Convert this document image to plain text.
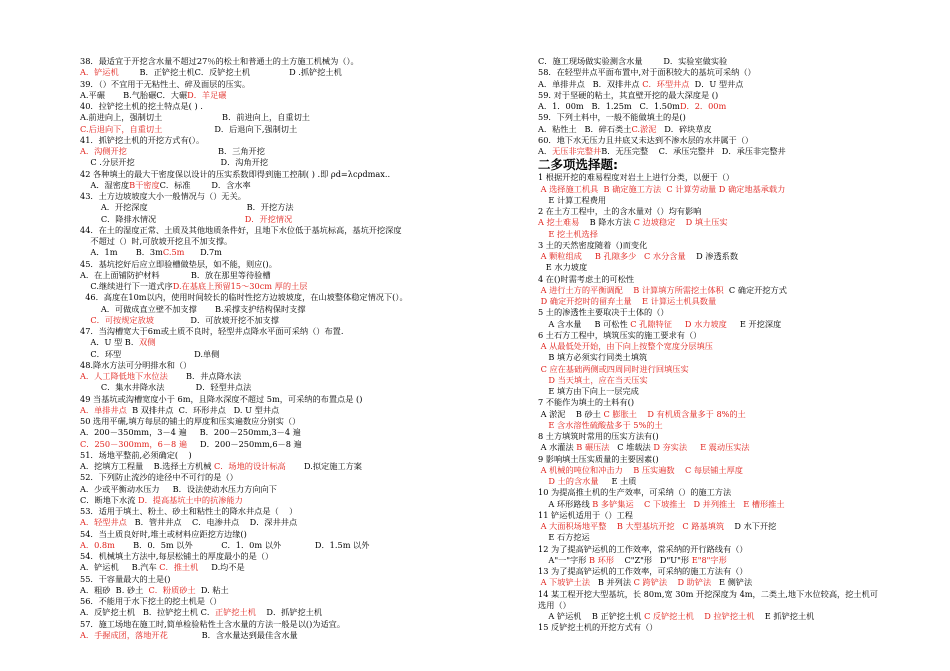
38．最适宜于开挖含水量不超过27％的松土和普通土的土方施工机械为（）。
A．铲运机        B．正铲挖土机C．反铲挖土机               D .抓铲挖土机
39．（）不宜用于无粘性土、碎及面层的压实。
A.平碾       B.气胎碾C．大碾D．羊足碾
40．拉铲挖土机的挖土特点是( ) .
A.前进向上，强制切土                       B．前进向上，自重切土
C.后退向下，自重切土                    D．后退向下,强制切土
41．抓铲挖土机的开挖方式有(）。
A．沟侧开挖                                   B．三角开挖
C .分层开挖                                 D．沟角开挖
42 各种填土的最大干密度保以设计的压实系数即得到施工控制( ) .即 ρd=λcρdmax..
A．湿密度B干密度C．标准        D．含水率
43．土方边坡坡度大小一般情况与（）无关。
A．开挖深度                                      B．开挖方法
C．降排水情况                                  D．开挖情况
44．在土的湿度正常、土质及其他地质条件好，且地下水位低于基坑标高，基坑开挖深度
不超过（）时,可放坡开挖且不加支撑。
A．1m       B．3mC.5m      D.7m
45．基坑挖好后应立即验槽做垫层，如不能，则应()。
A．在上面铺防护材料            B．放在那里等待验槽
C.继续进行下一道式序D.在基底上预留15～30cm 厚的土层
46．高度在10m以内，使用时间较长的临时性挖方边坡坡度，在山坡整体稳定情况下(）。
A．可做成直立壁不加支撑       B.采撑支护结构保时支撑
C．可按规定放坡              D．可放坡开挖不加支撑
47．当沟槽宽大于6m或土质不良时，轻型井点降水平面可采纳（）布置.
A．U 型 B．双侧
C．环型                            D.单侧
48.降水方法可分明排水和（）
A．人工降低地下水位法       B．井点降水法
C．集水井降水法            D．轻型井点法
49 当基坑或沟槽宽度小于 6m，且降水深度不超过 5m，可采纳的布置点是 ()
A．单排井点  B 双排井点  C．环形井点   D. U 型井点
50 选用平碾,填方每层的铺土的厚度和压实遍数应分别实（）
A．200－350mm，3－4 遍     B．200－250mm,3－4 遍
C．250－300mm，6－8 遍     D．200－250mm,6－8 遍
51．场地平整前,必须确定(    )
A．挖填方工程量    B.选择土方机械 C．场地的设计标高       D.拟定施工方案
52．下列防止流沙的途径中不可行的是（）
A．少或平衡动水压力     B．设法使动水压力方向向下
C．断地下水流 D．提高基坑土中的抗渗能力
53．适用于填土、粉土、砂土和粘性土的降水井点是（    ）
A．轻型井点   B．管井井点    C．电渗井点    D．深井井点
54．当土质良好时,堆土或材料应距挖方边缘()
A．0.8m       B．0．5m 以外           C．1．0m 以外             D．1.5m 以外
54．机械填土方法中,每层松铺土的厚度最小的是（）
A．铲运机     B.汽车 C．推土机     D.均不是
55．干容量最大的土是()
A．粗砂  B. 砂土  C．粉质砂土  D. 粘土
56．不能用于水下挖土的挖土机是（）
A．反铲挖土机   B．拉铲挖土机 C．正铲挖土机    D．抓铲挖土机
57．施工场地在施工时,简单检验粘性土含水量的方法一般是以()为适宜。
A．手握成团，落地开花             B．含水量达到最佳含水量
C．施工现场做实验测含水量        D．实验室做实验
58．在轻型井点平面布置中,对于面积较大的基坑可采纳（）
A．单排井点   B．双排井点 C．环型井点  D．U 型井点
59. 对于坚硬的粘土，其直壁开挖的最大深度是 ()
A．1．00m   B．1.25m   C．1.50mD．2．00m
59．下列土料中，一般不能做填土的是()
A．粘性土   B．碎石类土C.淤泥   D．碎块草皮
60．地下水无压力且井底又未达到不渗水层的水井属于（）
A．无压非完整井B．无压完整    C．承压完整井   D．承压非完整井
二多项选择题:
1 根据开挖的难易程度对岩土上进行分类，以便于（）
A 选择施工机具  B 确定施工方法  C 计算劳动量 D 确定地基承载力
E 计算工程费用
2 在土方工程中，土的含水量对（）均有影响
A 挖土难易    B 降水方法 C 边坡稳定    D 填土压实
E 挖土机选择
3 土的天然密度随着（)而变化
A 颗粒组成     B 孔隙多少   C 水分含量    D 渗透系数
E 水力坡度
4 在()时需考虑土的可松性
A 进行土方的平衡调配    B 计算填方所需挖土体积  C 确定开挖方式
D 确定开挖时的留弃土量    E 计算运土机具数量
5 土的渗透性主要取决于土体的（）
A 含水量     B 可松性 C 孔隙特征     D 水力坡度     E 开挖深度
6 土石方工程中，填筑压实的施工要求有（）
A 从最低处开始，由下向上按整个宽度分层填压
B 填方必须实行同类土填筑
C 应在基础两侧或四周同时进行回填压实
D 当天填土，应在当天压实
E 填方由下向上一层完成
7 不能作为填土的土料有()
A 淤泥    B 砂土 C 膨胀土    D 有机质含量多于 8%的土
E 含水溶性硫酸盐多于 5%的土
8 土方填筑时常用的压实方法有()
A 水灌法 B 碾压法   C 堆载法 D 夯实法     E 震动压实法
9 影响填土压实质量的主要因素()
A 机械的吨位和冲击力    B 压实遍数    C 每层铺土厚度
D 土的含水量     E 土质
10 为提高推土机的生产效率，可采纳（）的施工方法
A 环形路线 B 多铲集运    C 下坡推土   D 并列推土   E 槽形推土
11 铲运机适用于（）工程
A 大面积场地平整    B 大型基坑开挖   C 路基填筑    D 水下开挖
E 石方挖运
12 为了提高铲运机的工作效率，常采纳的开行路线有（）
A"一"字形 B 环形    C"Z"形   D"U"形 E"8"字形
13 为了提高铲运机的工作效率，可采纳的施工方法有（）
A 下坡铲土法   B 并列法 C 跨铲法    D 助铲法   E 侧铲法
14 某工程开挖大型基坑，长 80m,宽 30m 开挖深度为 4m，二类土,地下水位较高，挖土机可
选用（）
A 铲运机    B 正铲挖土机 C 反铲挖土机    D 拉铲挖土机    E 抓铲挖土机
15 反铲挖土机的开挖方式有（）
